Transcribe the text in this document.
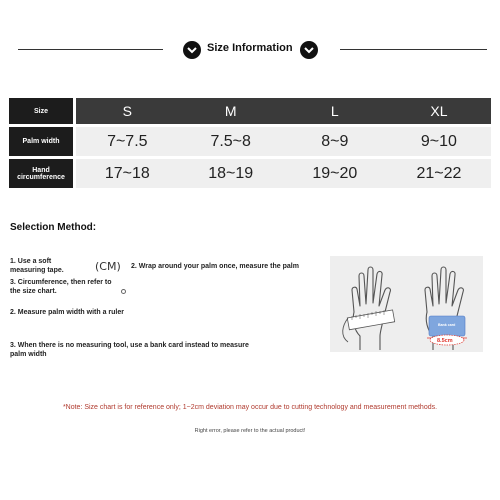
Size Information
Size	S	M	L	XL
Palm width	7~7.5	7.5~8	8~9	9~10
Hand circumference	17~18	18~19	19~20	21~22
Selection Method:
1. Use a soft measuring tape.	(CM) 2. Wrap around your palm once, measure the palm
3. Circumference, then refer to the size chart.
2. Measure palm width with a ruler
3. When there is no measuring tool, use a bank card instead to measure palm width
Bank card
8.5cm
*Note: Size chart is for reference only; 1~2cm deviation may occur due to cutting technology and measurement methods.
Right error, please refer to the actual product!
